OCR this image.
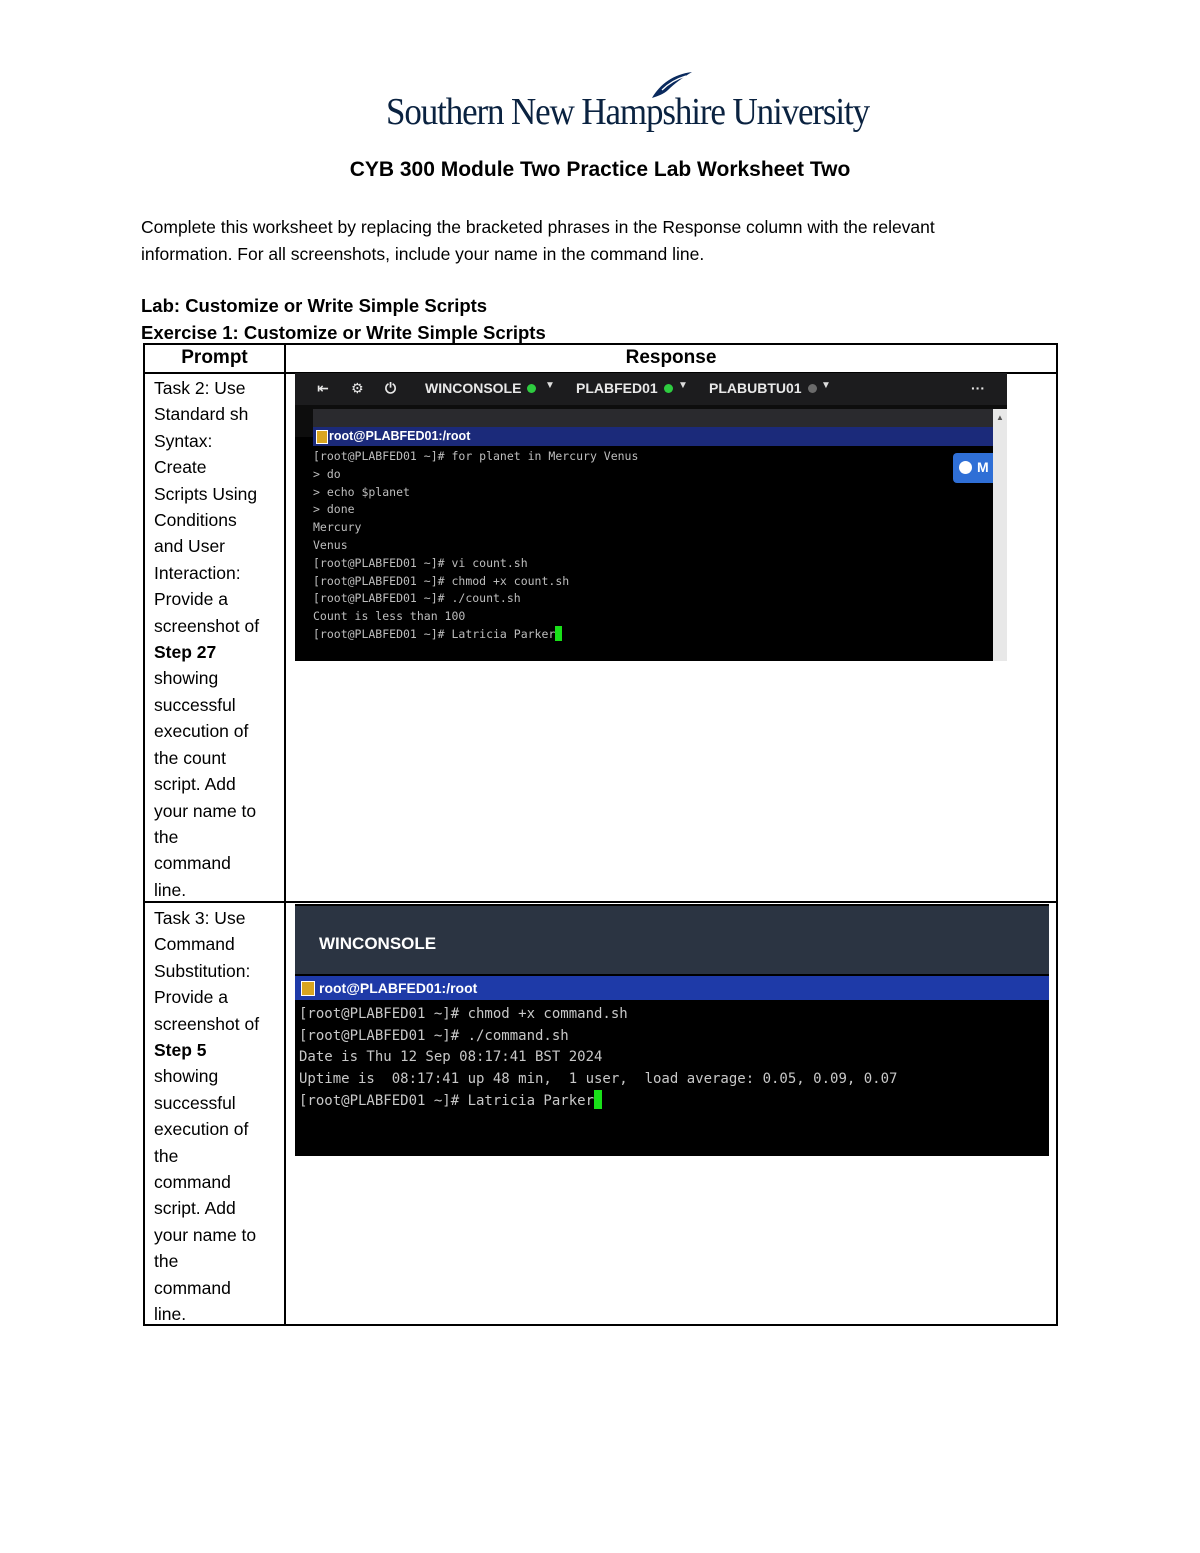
Southern New Hampshire University
CYB 300 Module Two Practice Lab Worksheet Two
Complete this worksheet by replacing the bracketed phrases in the Response column with the relevant
information. For all screenshots, include your name in the command line.
Lab: Customize or Write Simple Scripts
Exercise 1: Customize or Write Simple Scripts
Prompt	Response
Task 2: Use
Standard sh
Syntax:
Create
Scripts Using
Conditions
and User
Interaction:
Provide a
screenshot of
Step 27
showing
successful
execution of
the count
script. Add
your name to
the
command
line.
⇤ ⚙ ⏻ WINCONSOLE	▼ PLABFED01	▼ PLABUBTU01	▼	···
root@PLABFED01:/root
[root@PLABFED01 ~]# for planet in Mercury Venus
> do
> echo $planet
> done
Mercury
Venus
[root@PLABFED01 ~]# vi count.sh
[root@PLABFED01 ~]# chmod +x count.sh
[root@PLABFED01 ~]# ./count.sh
Count is less than 100
[root@PLABFED01 ~]# Latricia Parker
▲
M
Task 3: Use
Command
Substitution:
Provide a
screenshot of
Step 5
showing
successful
execution of
the
command
script. Add
your name to
the
command
line.
WINCONSOLE
root@PLABFED01:/root
[root@PLABFED01 ~]# chmod +x command.sh
[root@PLABFED01 ~]# ./command.sh
Date is Thu 12 Sep 08:17:41 BST 2024
Uptime is  08:17:41 up 48 min,  1 user,  load average: 0.05, 0.09, 0.07
[root@PLABFED01 ~]# Latricia Parker
